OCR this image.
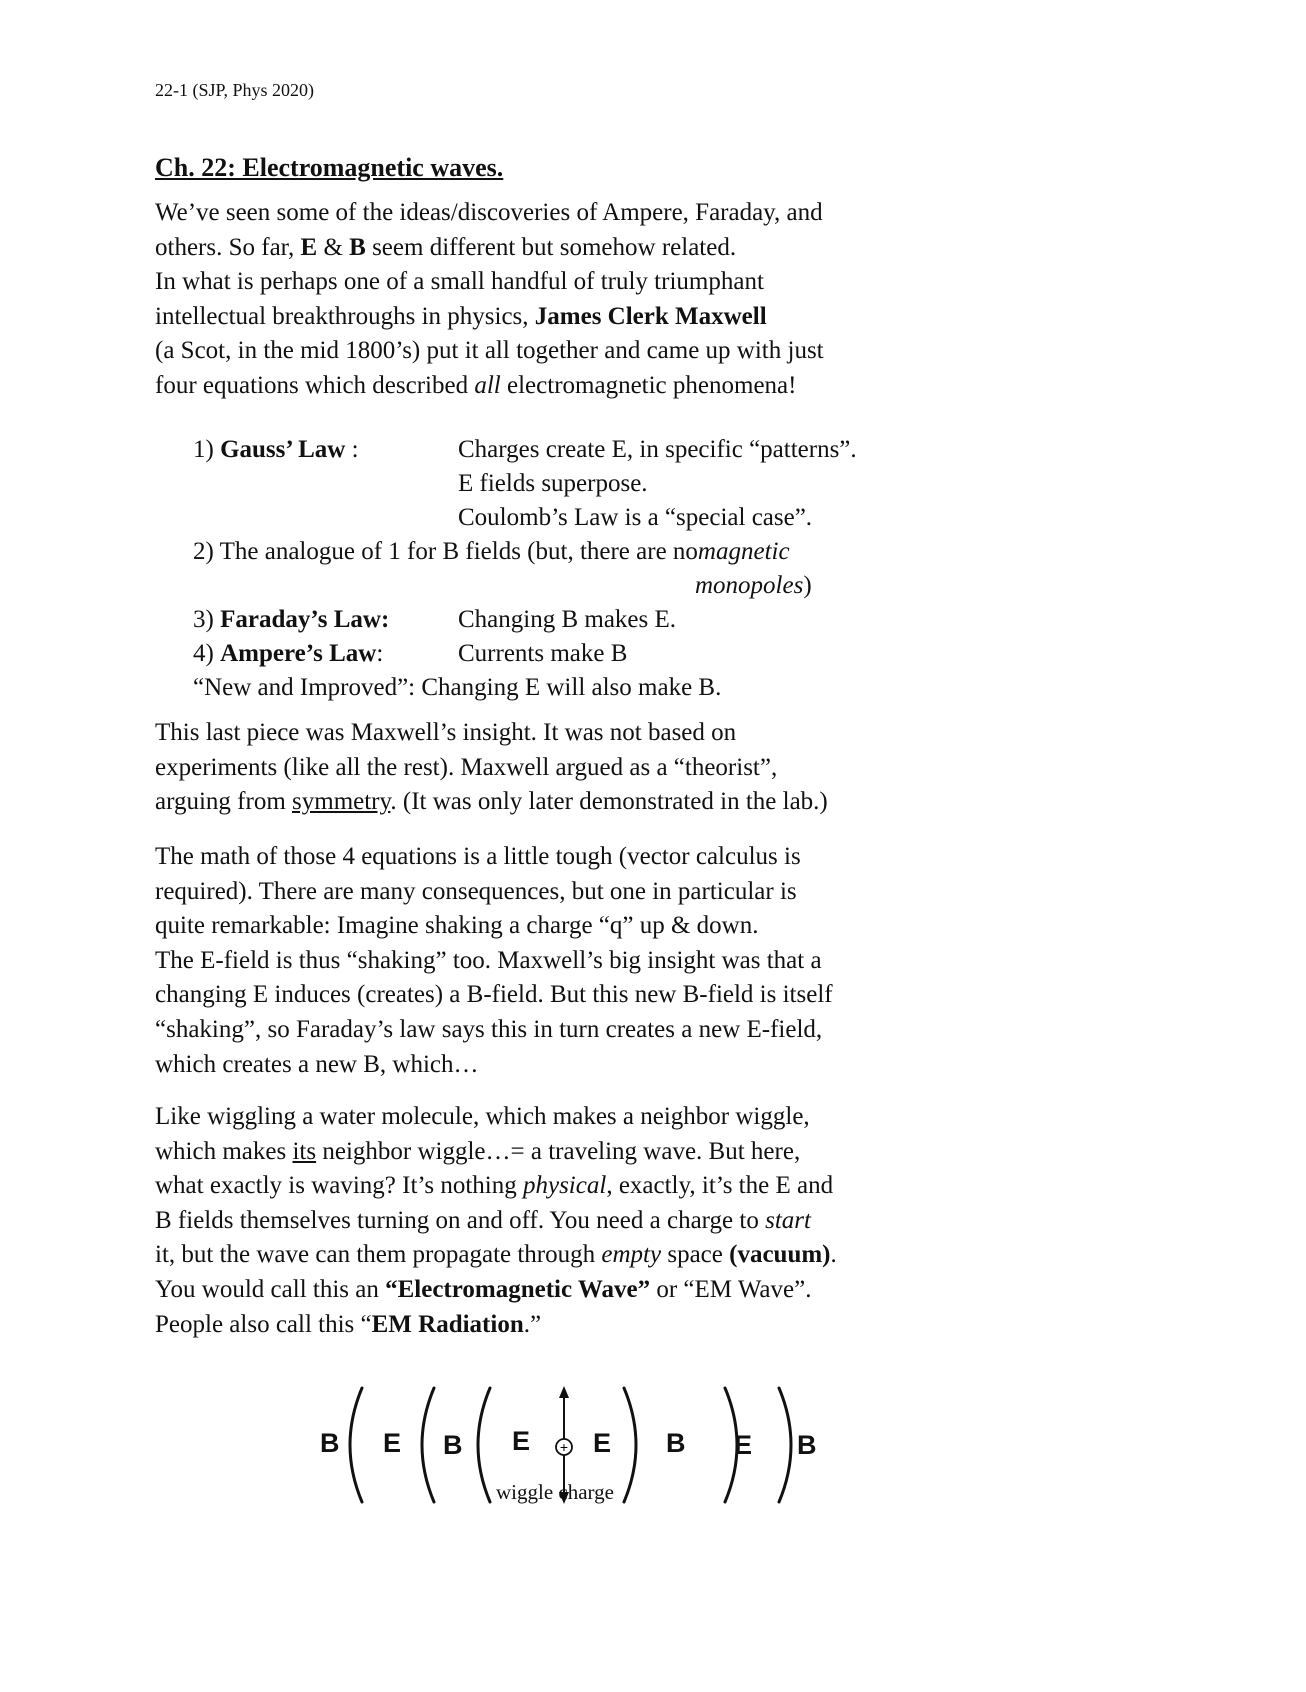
22-1 (SJP, Phys 2020)
Ch. 22: Electromagnetic waves.
We’ve seen some of the ideas/discoveries of Ampere, Faraday, and
others. So far, E & B seem different but somehow related.
In what is perhaps one of a small handful of truly triumphant
intellectual breakthroughs in physics, James Clerk Maxwell
(a Scot, in the mid 1800’s) put it all together and came up with just
four equations which described all electromagnetic phenomena!
1) Gauss’ Law :	Charges create E, in specific “patterns”.
E fields superpose.
Coulomb’s Law is a “special case”.
2) The analogue of 1 for B fields (but, there are no magnetic
monopoles )
3) Faraday’s Law:	Changing B makes E.
4) Ampere’s Law:	Currents make B
“New and Improved”: Changing E will also make B.
This last piece was Maxwell’s insight. It was not based on
experiments (like all the rest). Maxwell argued as a “theorist”,
arguing from symmetry. (It was only later demonstrated in the lab.)
The math of those 4 equations is a little tough (vector calculus is
required). There are many consequences, but one in particular is
quite remarkable: Imagine shaking a charge “q” up & down.
The E-field is thus “shaking” too. Maxwell’s big insight was that a
changing E induces (creates) a B-field. But this new B-field is itself
“shaking”, so Faraday’s law says this in turn creates a new E-field,
which creates a new B, which…
Like wiggling a water molecule, which makes a neighbor wiggle,
which makes its neighbor wiggle…= a traveling wave. But here,
what exactly is waving? It’s nothing physical, exactly, it’s the E and
B fields themselves turning on and off. You need a charge to start
it, but the wave can them propagate through empty space (vacuum).
You would call this an “Electromagnetic Wave” or “EM Wave”.
People also call this “EM Radiation.”
+
B E B E E B E B
wiggle charge
